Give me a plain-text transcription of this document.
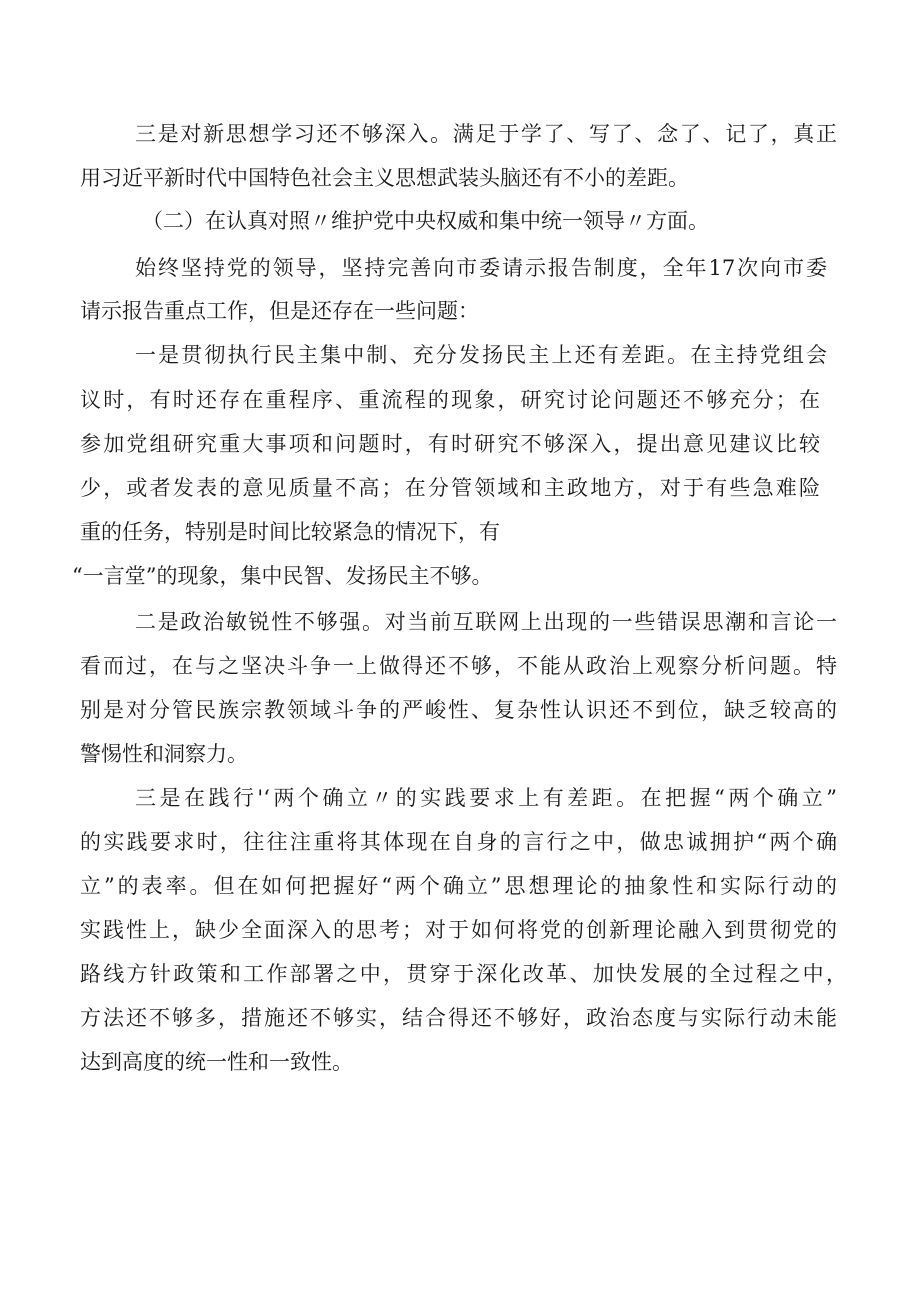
三是对新思想学习还不够深入。满足于学了、写了、念了、记了，真正
用习近平新时代中国特色社会主义思想武装头脑还有不小的差距。
（二）在认真对照〃维护党中央权威和集中统一领导〃方面。
始终坚持党的领导，坚持完善向市委请示报告制度，全年17次向市委
请示报告重点工作，但是还存在一些问题：
一是贯彻执行民主集中制、充分发扬民主上还有差距。在主持党组会
议时，有时还存在重程序、重流程的现象，研究讨论问题还不够充分；在
参加党组研究重大事项和问题时，有时研究不够深入，提出意见建议比较
少，或者发表的意见质量不高；在分管领域和主政地方，对于有些急难险
重的任务，特别是时间比较紧急的情况下，有
“一言堂”的现象，集中民智、发扬民主不够。
二是政治敏锐性不够强。对当前互联网上出现的一些错误思潮和言论一
看而过，在与之坚决斗争一上做得还不够，不能从政治上观察分析问题。特
别是对分管民族宗教领域斗争的严峻性、复杂性认识还不到位，缺乏较高的
警惕性和洞察力。
三是在践行'‘两个确立〃的实践要求上有差距。在把握“两个确立”
的实践要求时，往往注重将其体现在自身的言行之中，做忠诚拥护“两个确
立”的表率。但在如何把握好“两个确立”思想理论的抽象性和实际行动的
实践性上，缺少全面深入的思考；对于如何将党的创新理论融入到贯彻党的
路线方针政策和工作部署之中，贯穿于深化改革、加快发展的全过程之中，
方法还不够多，措施还不够实，结合得还不够好，政治态度与实际行动未能
达到高度的统一性和一致性。
